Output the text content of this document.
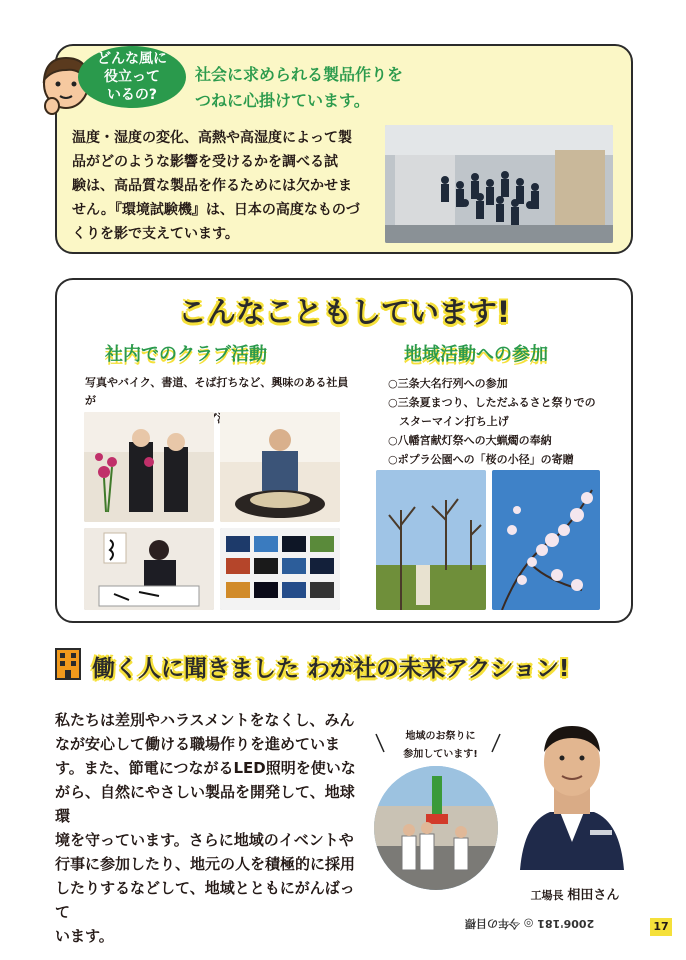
どんな風に
役立って
いるの?
社会に求められる製品作りを
つねに心掛けています。
温度・湿度の変化、高熱や高湿度によって製
品がどのような影響を受けるかを調べる試
験は、高品質な製品を作るためには欠かせま
せん。『環境試験機』は、日本の高度なものづ
くりを影で支えています。
こんなこともしています!
社内でのクラブ活動	地域活動への参加
写真やバイク、書道、そば打ちなど、興味のある社員が
○三条大名行列への参加
○三条夏まつり、しただふるさと祭りでの
　スターマイン打ち上げ
○八幡宮献灯祭への大蝋燭の奉納
○ポプラ公園への「桜の小径」の寄贈
働く人に聞きました わが社の未来アクション!
私たちは差別やハラスメントをなくし、みん
なが安心して働ける職場作りを進めていま
す。また、節電につながるLED照明を使いな
がら、自然にやさしい製品を開発して、地球環
境を守っています。さらに地域のイベントや
行事に参加したり、地元の人を積極的に採用
したりするなどして、地域とともにがんばって
います。
地域のお祭りに
参加しています!
工場長 相田さん
2006'181 ◎ 今年の目標	17
